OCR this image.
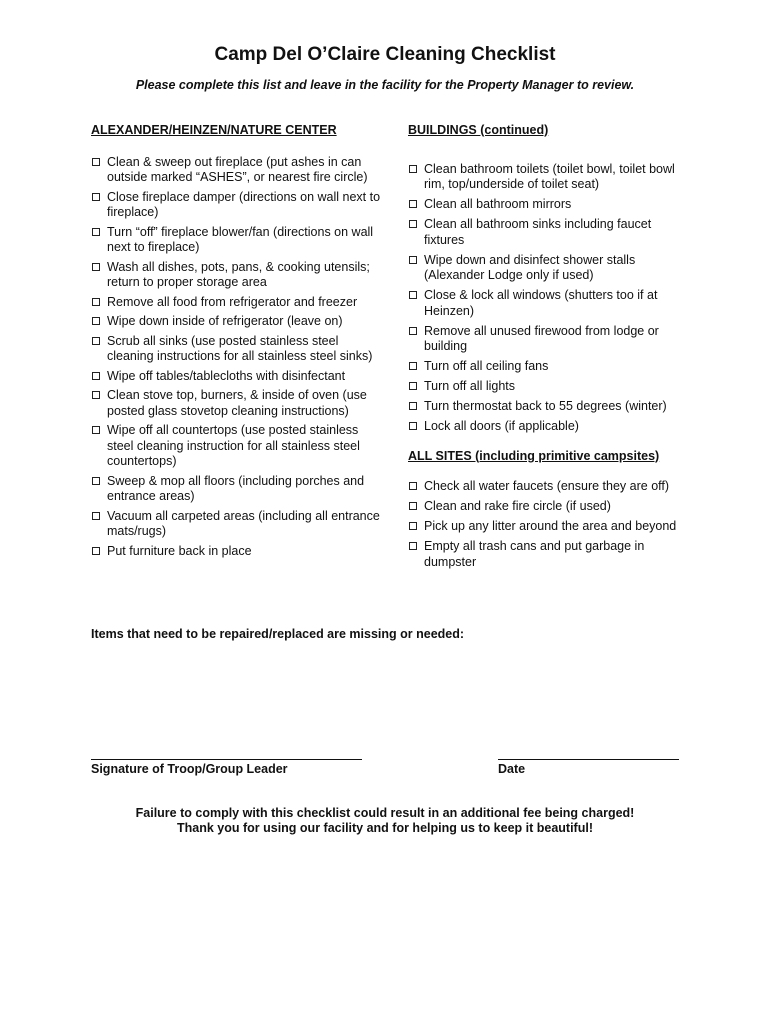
Camp Del O’Claire Cleaning Checklist
Please complete this list and leave in the facility for the Property Manager to review.
ALEXANDER/HEINZEN/NATURE CENTER
Clean & sweep out fireplace (put ashes in can outside marked “ASHES”, or nearest fire circle)
Close fireplace damper (directions on wall next to fireplace)
Turn “off” fireplace blower/fan (directions on wall next to fireplace)
Wash all dishes, pots, pans, & cooking utensils; return to proper storage area
Remove all food from refrigerator and freezer
Wipe down inside of refrigerator (leave on)
Scrub all sinks (use posted stainless steel cleaning instructions for all stainless steel sinks)
Wipe off tables/tablecloths with disinfectant
Clean stove top, burners, & inside of oven (use posted glass stovetop cleaning instructions)
Wipe off all countertops (use posted stainless steel cleaning instruction for all stainless steel countertops)
Sweep & mop all floors (including porches and entrance areas)
Vacuum all carpeted areas (including all entrance mats/rugs)
Put furniture back in place
BUILDINGS (continued)
Clean bathroom toilets (toilet bowl, toilet bowl rim, top/underside of toilet seat)
Clean all bathroom mirrors
Clean all bathroom sinks including faucet fixtures
Wipe down and disinfect shower stalls (Alexander Lodge only if used)
Close & lock all windows (shutters too if at Heinzen)
Remove all unused firewood from lodge or building
Turn off all ceiling fans
Turn off all lights
Turn thermostat back to 55 degrees (winter)
Lock all doors (if applicable)
ALL SITES (including primitive campsites)
Check all water faucets (ensure they are off)
Clean and rake fire circle (if used)
Pick up any litter around the area and beyond
Empty all trash cans and put garbage in dumpster
Items that need to be repaired/replaced are missing or needed:
Signature of Troop/Group Leader	Date
Failure to comply with this checklist could result in an additional fee being charged!
Thank you for using our facility and for helping us to keep it beautiful!
